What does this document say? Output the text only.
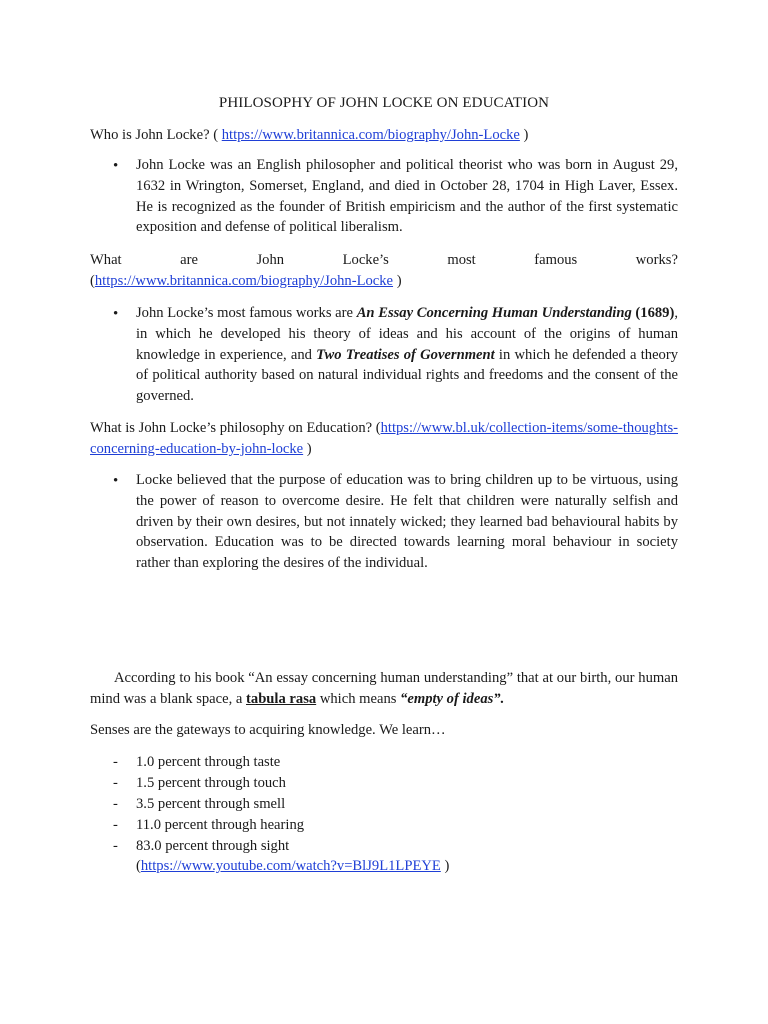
PHILOSOPHY OF JOHN LOCKE ON EDUCATION

Who is John Locke? ( https://www.britannica.com/biography/John-Locke )

• John Locke was an English philosopher and political theorist who was born in August 29, 1632 in Wrington, Somerset, England, and died in October 28, 1704 in High Laver, Essex. He is recognized as the founder of British empiricism and the author of the first systematic exposition and defense of political liberalism.

What	are	John	Locke’s	most	famous	works?
(https://www.britannica.com/biography/John-Locke )
• John Locke’s most famous works are An Essay Concerning Human Understanding (1689), in which he developed his theory of ideas and his account of the origins of human knowledge in experience, and Two Treatises of Government in which he defended a theory of political authority based on natural individual rights and freedoms and the consent of the governed.

What is John Locke’s philosophy on Education? (https://www.bl.uk/collection-items/some-thoughts-concerning-education-by-john-locke )

• Locke believed that the purpose of education was to bring children up to be virtuous, using the power of reason to overcome desire. He felt that children were naturally selfish and driven by their own desires, but not innately wicked; they learned bad behavioural habits by observation. Education was to be directed towards learning moral behaviour in society rather than exploring the desires of the individual.

According to his book “An essay concerning human understanding” that at our birth, our human mind was a blank space, a tabula rasa which means “empty of ideas”.

Senses are the gateways to acquiring knowledge. We learn…

- 1.0 percent through taste
- 1.5 percent through touch
- 3.5 percent through smell
- 11.0 percent through hearing
- 83.0 percent through sight
(https://www.youtube.com/watch?v=BlJ9L1LPEYE )
